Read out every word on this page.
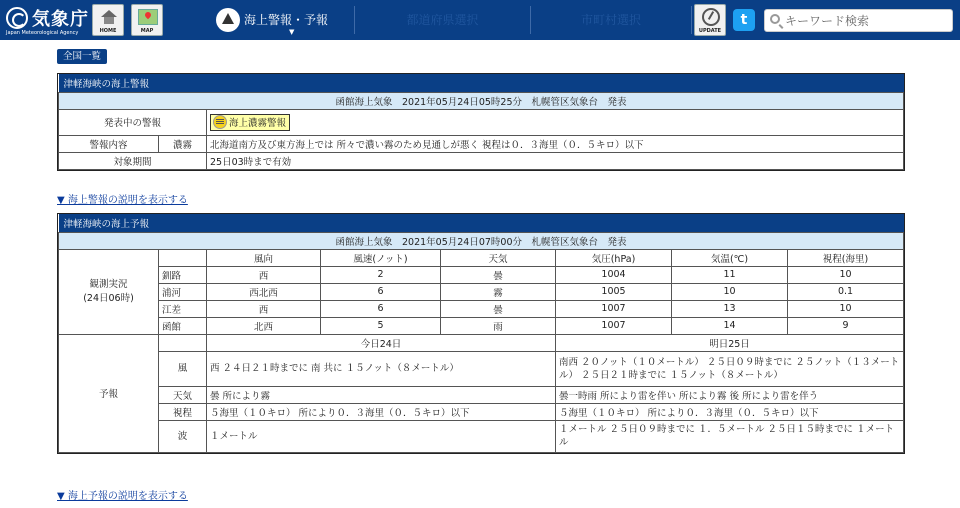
気象庁
Japan Meteorological Agency	HOME	MAP
海上警報・予報
▼
都道府県選択	市町村選択
UPDATE
t
キーワード検索
全国一覧
津軽海峡の海上警報		
函館海上気象　2021年05月24日05時25分　札幌管区気象台　発表		
発表中の警報		海上濃霧警報
警報内容	濃霧	北海道南方及び東方海上では 所々で濃い霧のため見通しが悪く 視程は０．３海里（０．５キロ）以下
対象期間		25日03時まで有効
▼ 海上警報の説明を表示する
津軽海峡の海上予報							
函館海上気象　2021年05月24日07時00分　札幌管区気象台　発表							

観測実況
(24日06時)		風向	風速(ノット)	天気	気圧(hPa)	気温(℃)	視程(海里)
	釧路	西	2	曇	1004	11	10
	浦河	西北西	6	霧	1005	10	0.1
	江差	西	6	曇	1007	13	10
	函館	北西	5	雨	1007	14	9
予報		今日24日			明日25日		
	風	西 ２４日２１時までに 南 共に １５ノット（８メートル）			南西 ２０ノット（１０メートル） ２５日０９時までに ２５ノット（１３メートル） ２５日２１時までに １５ノット（８メートル）		
	天気	曇 所により霧			曇一時雨 所により雷を伴い 所により霧 後 所により雷を伴う		
	視程	５海里（１０キロ） 所により０．３海里（０．５キロ）以下			５海里（１０キロ） 所により０．３海里（０．５キロ）以下		
	波	１メートル			１メートル ２５日０９時までに １．５メートル ２５日１５時までに １メートル		
▼ 海上予報の説明を表示する
